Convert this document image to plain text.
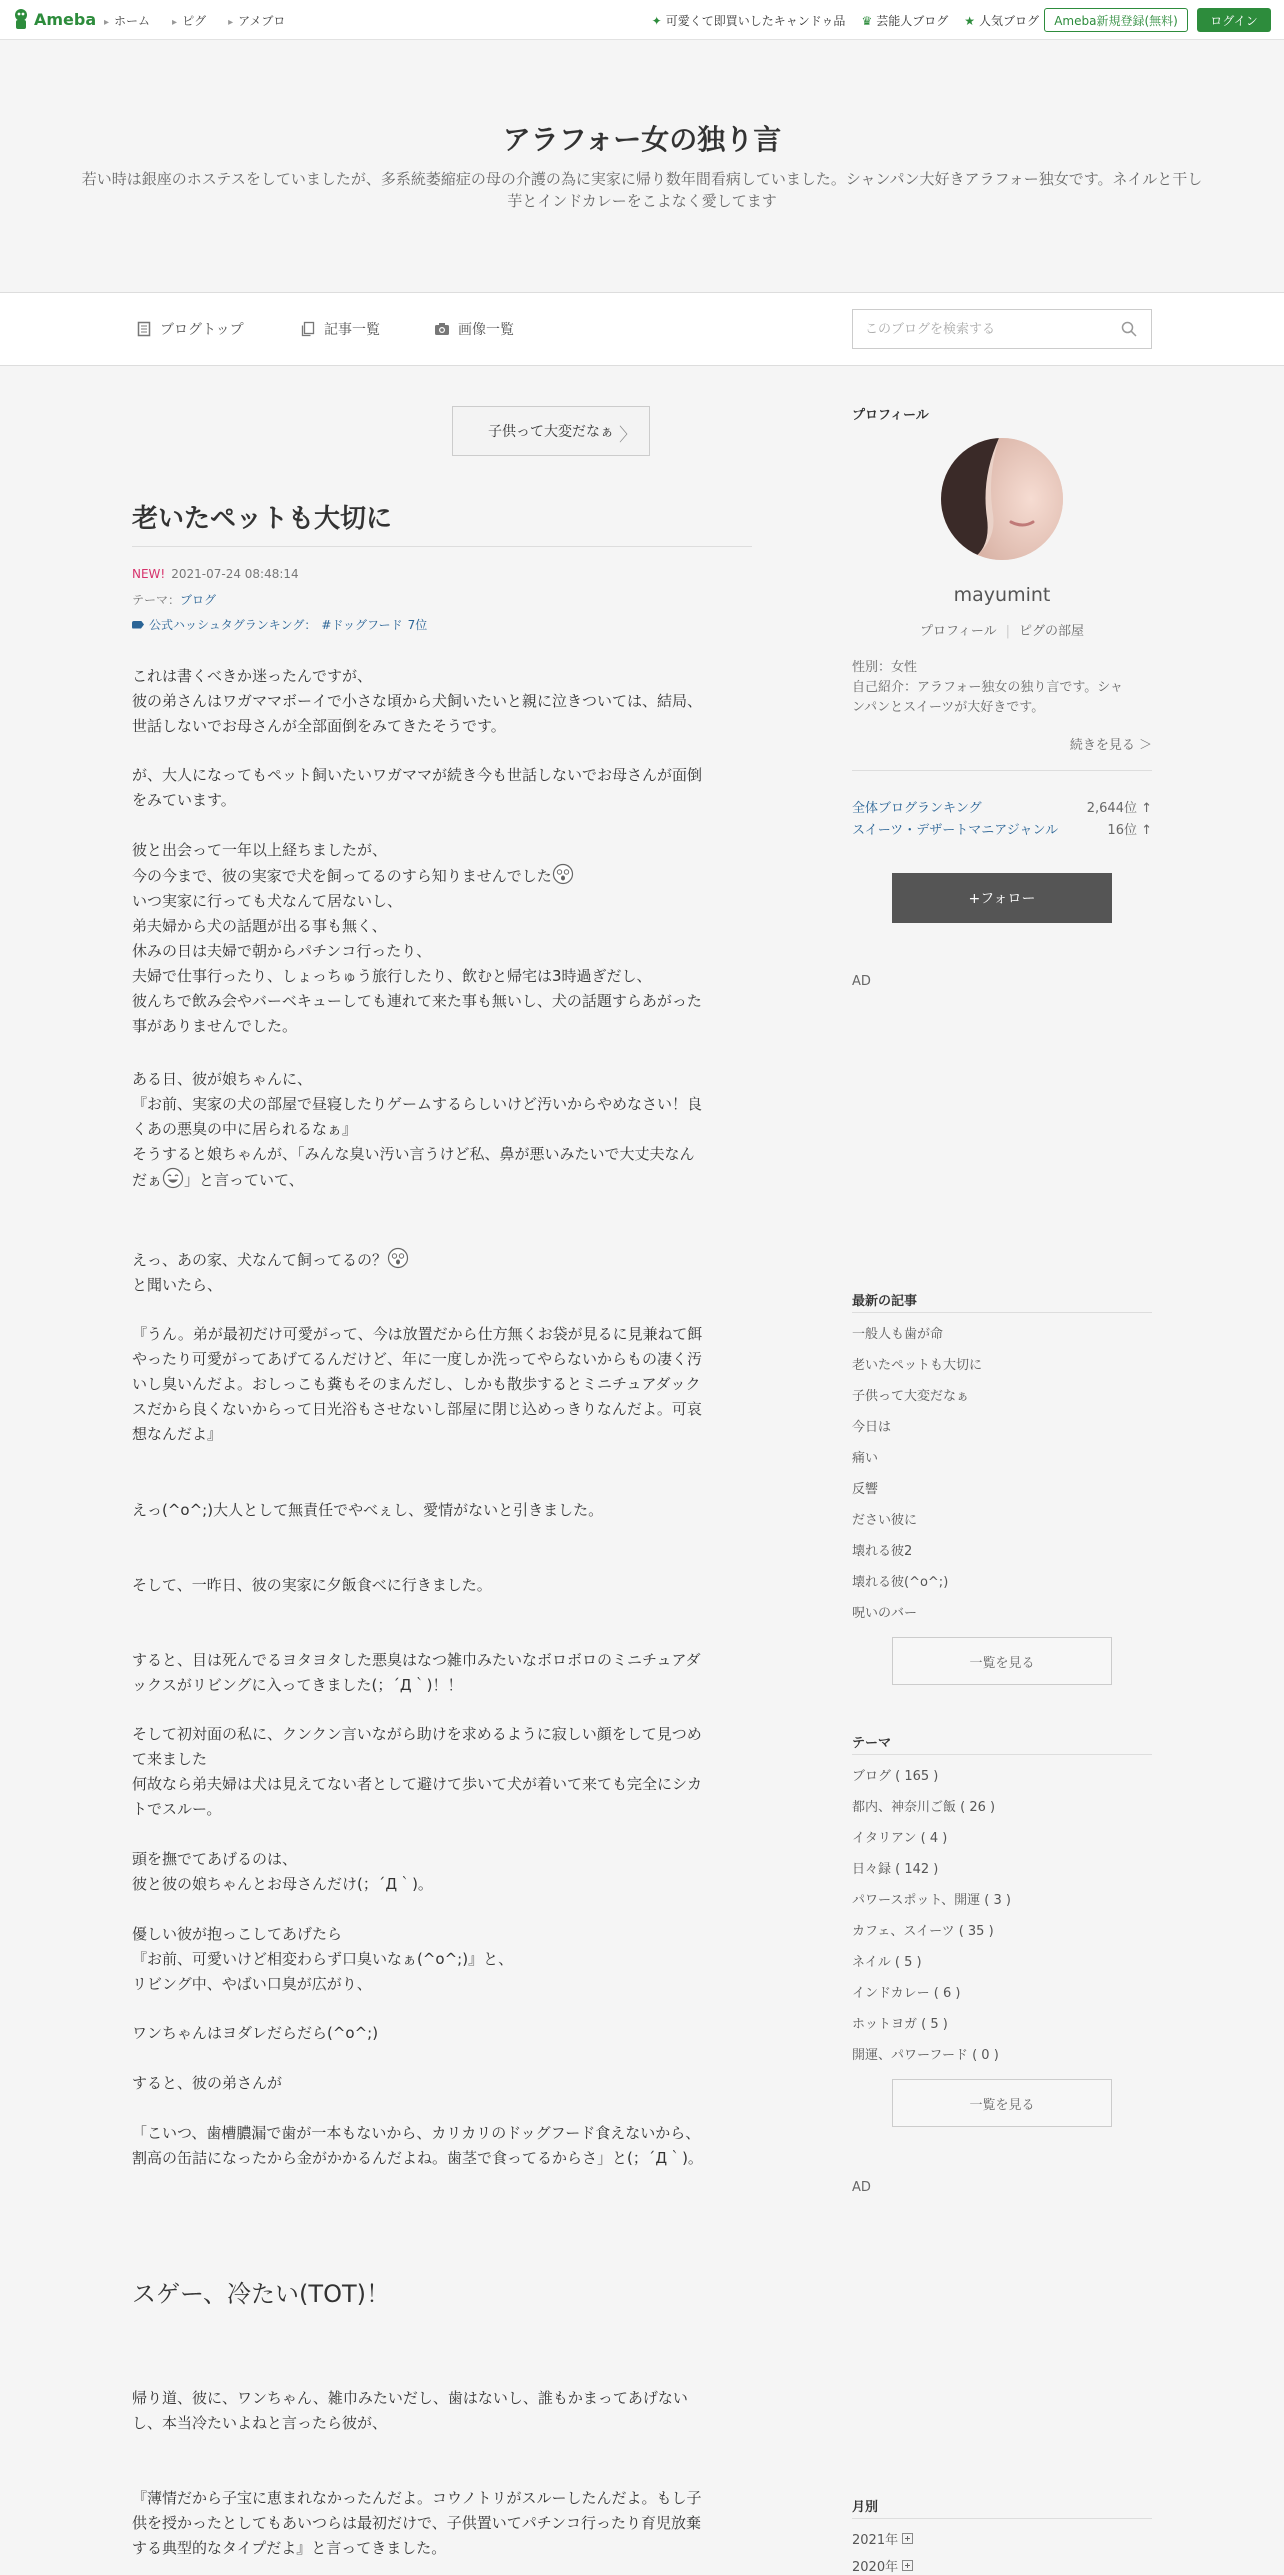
Ameba	▸ ホーム	▸ ピグ	▸ アメブロ	✦ 可愛くて即買いしたキャンドゥ品 ♛ 芸能人ブログ ★ 人気ブログ	Ameba新規登録(無料)	ログイン
アラフォー女の独り言
若い時は銀座のホステスをしていましたが、多系統萎縮症の母の介護の為に実家に帰り数年間看病していました。シャンパン大好きアラフォー独女です。ネイルと干し芋とインドカレーをこよなく愛してます
ブログトップ	記事一覧	画像一覧
このブログを検索する
子供って大変だなぁ 〉
老いたペットも大切に
NEW! 2021-07-24 08:48:14
テーマ：ブログ
公式ハッシュタグランキング： #ドッグフード 7位

これは書くべきか迷ったんですが、

彼の弟さんはワガママボーイで小さな頃から犬飼いたいと親に泣きついては、結局、

世話しないでお母さんが全部面倒をみてきたそうです。

が、大人になってもペット飼いたいワガママが続き今も世話しないでお母さんが面倒

をみています。

彼と出会って一年以上経ちましたが、

今の今まで、彼の実家で犬を飼ってるのすら知りませんでした

いつ実家に行っても犬なんて居ないし、

弟夫婦から犬の話題が出る事も無く、

休みの日は夫婦で朝からパチンコ行ったり、

夫婦で仕事行ったり、しょっちゅう旅行したり、飲むと帰宅は3時過ぎだし、

彼んちで飲み会やバーベキューしても連れて来た事も無いし、犬の話題すらあがった

事がありませんでした。

ある日、彼が娘ちゃんに、

『お前、実家の犬の部屋で昼寝したりゲームするらしいけど汚いからやめなさい！良

くあの悪臭の中に居られるなぁ』

そうすると娘ちゃんが、「みんな臭い汚い言うけど私、鼻が悪いみたいで大丈夫なん

だぁ 」と言っていて、

えっ、あの家、犬なんて飼ってるの？

と聞いたら、

『うん。弟が最初だけ可愛がって、今は放置だから仕方無くお袋が見るに見兼ねて餌

やったり可愛がってあげてるんだけど、年に一度しか洗ってやらないからもの凄く汚

いし臭いんだよ。おしっこも糞もそのまんだし、しかも散歩するとミニチュアダック

スだから良くないからって日光浴もさせないし部屋に閉じ込めっきりなんだよ。可哀

想なんだよ』

えっ(^o^;)大人として無責任でやべぇし、愛情がないと引きました。

そして、一昨日、彼の実家に夕飯食べに行きました。

すると、目は死んでるヨタヨタした悪臭はなつ雑巾みたいなボロボロのミニチュアダ

ックスがリビングに入ってきました(；´Д｀)！！

そして初対面の私に、クンクン言いながら助けを求めるように寂しい顔をして見つめ

て来ました

何故なら弟夫婦は犬は見えてない者として避けて歩いて犬が着いて来ても完全にシカ

トでスルー。

頭を撫でてあげるのは、

彼と彼の娘ちゃんとお母さんだけ(；´Д｀)。

優しい彼が抱っこしてあげたら

『お前、可愛いけど相変わらず口臭いなぁ(^o^;)』と、

リビング中、やばい口臭が広がり、

ワンちゃんはヨダレだらだら(^o^;)

すると、彼の弟さんが

「こいつ、歯槽膿漏で歯が一本もないから、カリカリのドッグフード食えないから、

割高の缶詰になったから金がかかるんだよね。歯茎で食ってるからさ」と(；´Д｀)。

スゲー、冷たい(TOT)！

帰り道、彼に、ワンちゃん、雑巾みたいだし、歯はないし、誰もかまってあげない

し、本当冷たいよねと言ったら彼が、

『薄情だから子宝に恵まれなかったんだよ。コウノトリがスルーしたんだよ。もし子

供を授かったとしてもあいつらは最初だけで、子供置いてパチンコ行ったり育児放棄

する典型的なタイプだよ』と言ってきました。

プロフィール
mayumint
プロフィール | ピグの部屋
性別：女性
自己紹介：アラフォー独女の独り言です。シャ
ンパンとスイーツが大好きです。
続きを見る ＞
全体ブログランキング	2,644位 ↑
スイーツ・デザートマニアジャンル	16位 ↑
+フォロー
AD
最新の記事
一般人も歯が命
老いたペットも大切に
子供って大変だなぁ
今日は
痛い
反響
ださい彼に
壊れる彼2
壊れる彼(^o^;)
呪いのバー
一覧を見る
テーマ
ブログ ( 165 )
都内、神奈川ご飯 ( 26 )
イタリアン ( 4 )
日々録 ( 142 )
パワースポット、開運 ( 3 )
カフェ、スイーツ ( 35 )
ネイル ( 5 )
インドカレー ( 6 )
ホットヨガ ( 5 )
開運、パワーフード ( 0 )
一覧を見る
AD
月別
2021年
2020年
